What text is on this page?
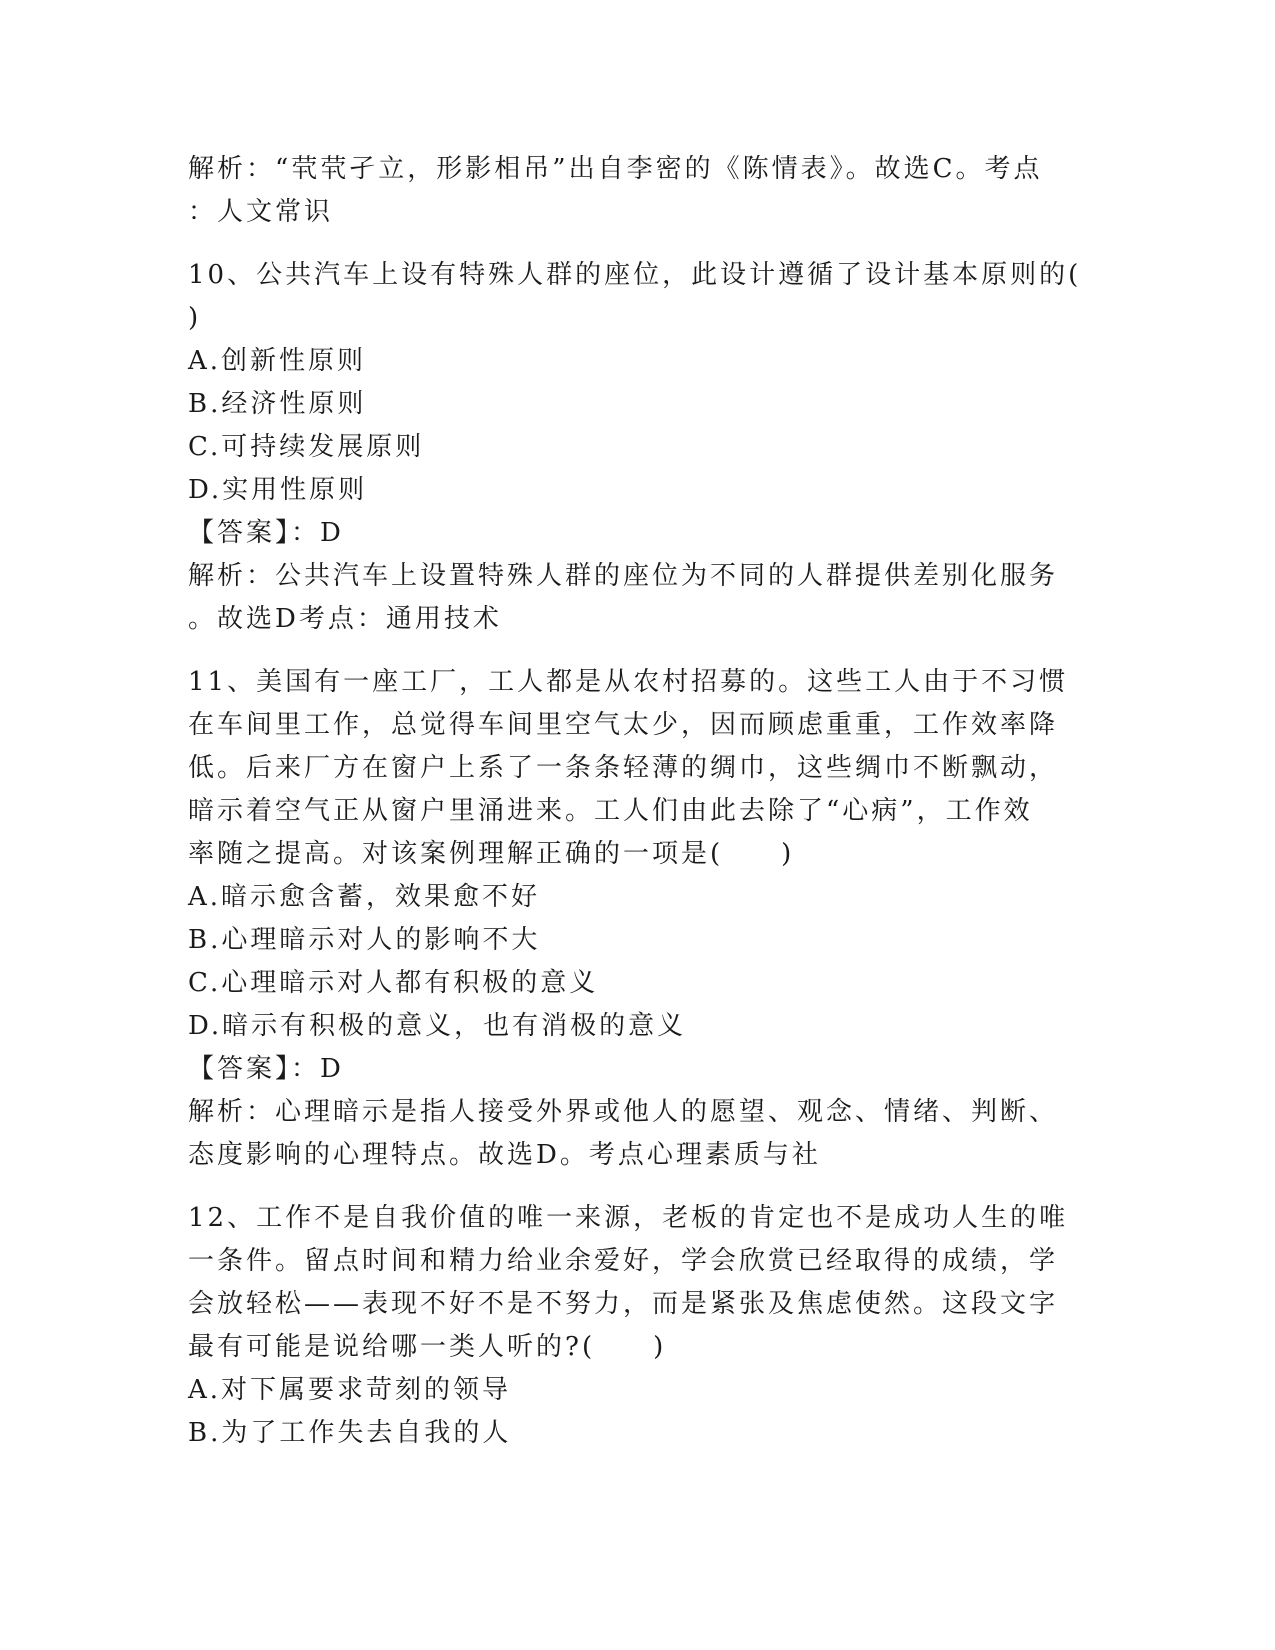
解析：“茕茕孑立，形影相吊”出自李密的《陈情表》。故选C。考点
：人文常识
10、公共汽车上设有特殊人群的座位，此设计遵循了设计基本原则的(
)
A.创新性原则
B.经济性原则
C.可持续发展原则
D.实用性原则
【答案】：D
解析：公共汽车上设置特殊人群的座位为不同的人群提供差别化服务
。故选D考点：通用技术
11、美国有一座工厂，工人都是从农村招募的。这些工人由于不习惯
在车间里工作，总觉得车间里空气太少，因而顾虑重重，工作效率降
低。后来厂方在窗户上系了一条条轻薄的绸巾，这些绸巾不断飘动，
暗示着空气正从窗户里涌进来。工人们由此去除了“心病”，工作效
率随之提高。对该案例理解正确的一项是(　　)
A.暗示愈含蓄，效果愈不好
B.心理暗示对人的影响不大
C.心理暗示对人都有积极的意义
D.暗示有积极的意义，也有消极的意义
【答案】：D
解析：心理暗示是指人接受外界或他人的愿望、观念、情绪、判断、
态度影响的心理特点。故选D。考点心理素质与社
12、工作不是自我价值的唯一来源，老板的肯定也不是成功人生的唯
一条件。留点时间和精力给业余爱好，学会欣赏已经取得的成绩，学
会放轻松——表现不好不是不努力，而是紧张及焦虑使然。这段文字
最有可能是说给哪一类人听的?(　　)
A.对下属要求苛刻的领导
B.为了工作失去自我的人
